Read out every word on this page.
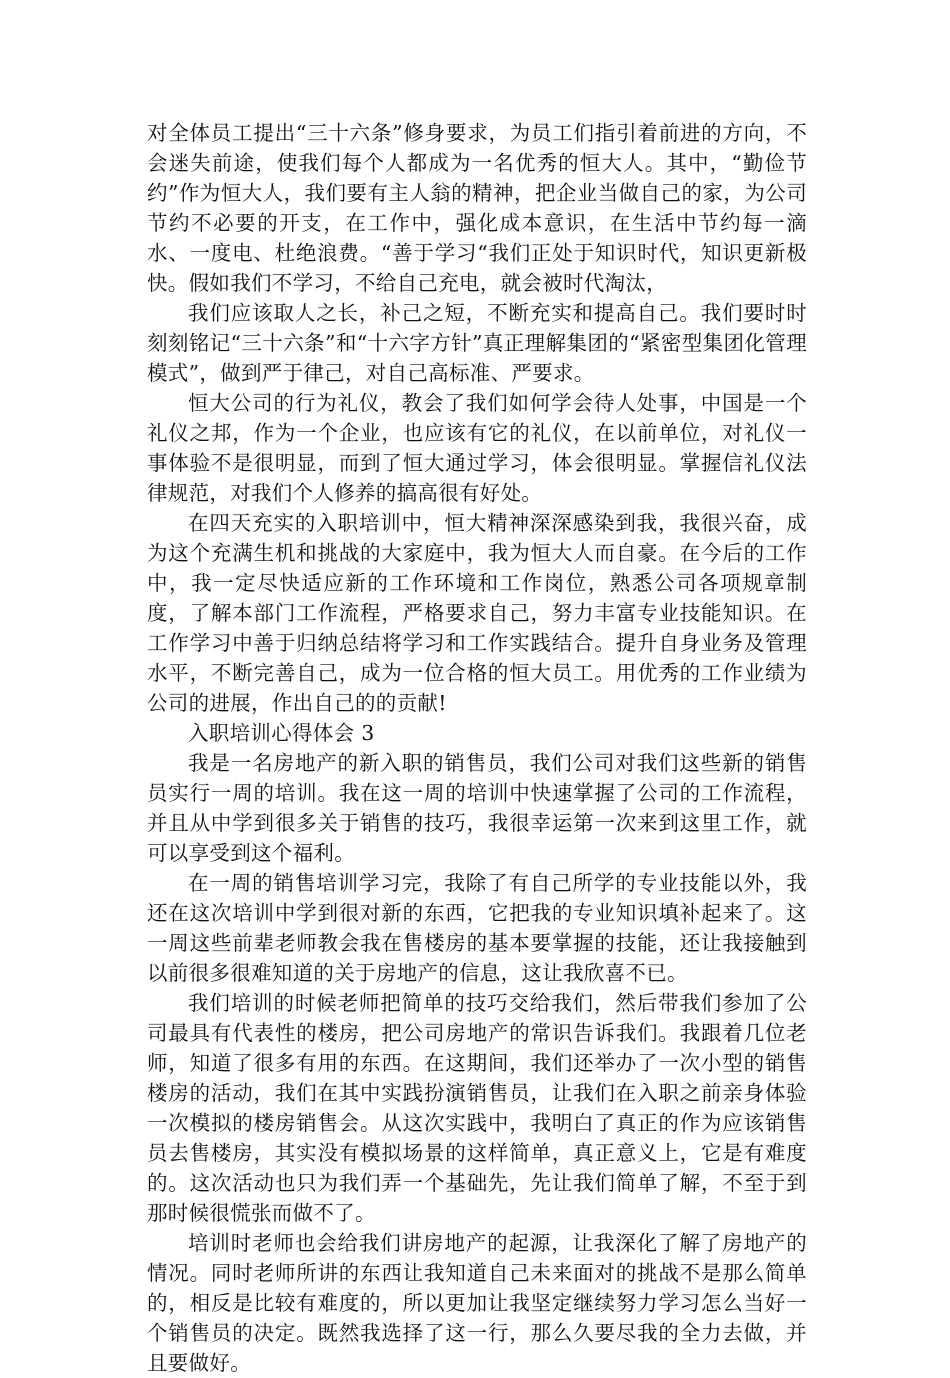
对全体员工提出“三十六条”修身要求，为员工们指引着前进的方向，不会迷失前途，使我们每个人都成为一名优秀的恒大人。其中，“勤俭节约”作为恒大人，我们要有主人翁的精神，把企业当做自己的家，为公司节约不必要的开支，在工作中，强化成本意识，在生活中节约每一滴水、一度电、杜绝浪费。“善于学习“我们正处于知识时代，知识更新极快。假如我们不学习，不给自己充电，就会被时代淘汰，

我们应该取人之长，补己之短，不断充实和提高自己。我们要时时刻刻铭记“三十六条”和“十六字方针”真正理解集团的“紧密型集团化管理模式”，做到严于律己，对自己高标准、严要求。

恒大公司的行为礼仪，教会了我们如何学会待人处事，中国是一个礼仪之邦，作为一个企业，也应该有它的礼仪，在以前单位，对礼仪一事体验不是很明显，而到了恒大通过学习，体会很明显。掌握信礼仪法律规范，对我们个人修养的搞高很有好处。

在四天充实的入职培训中，恒大精神深深感染到我，我很兴奋，成为这个充满生机和挑战的大家庭中，我为恒大人而自豪。在今后的工作中，我一定尽快适应新的工作环境和工作岗位，熟悉公司各项规章制度，了解本部门工作流程，严格要求自己，努力丰富专业技能知识。在工作学习中善于归纳总结将学习和工作实践结合。提升自身业务及管理水平，不断完善自己，成为一位合格的恒大员工。用优秀的工作业绩为公司的进展，作出自己的的贡献!

入职培训心得体会 3

我是一名房地产的新入职的销售员，我们公司对我们这些新的销售员实行一周的培训。我在这一周的培训中快速掌握了公司的工作流程，并且从中学到很多关于销售的技巧，我很幸运第一次来到这里工作，就可以享受到这个福利。

在一周的销售培训学习完，我除了有自己所学的专业技能以外，我还在这次培训中学到很对新的东西，它把我的专业知识填补起来了。这一周这些前辈老师教会我在售楼房的基本要掌握的技能，还让我接触到以前很多很难知道的关于房地产的信息，这让我欣喜不已。

我们培训的时候老师把简单的技巧交给我们，然后带我们参加了公司最具有代表性的楼房，把公司房地产的常识告诉我们。我跟着几位老师，知道了很多有用的东西。在这期间，我们还举办了一次小型的销售楼房的活动，我们在其中实践扮演销售员，让我们在入职之前亲身体验一次模拟的楼房销售会。从这次实践中，我明白了真正的作为应该销售员去售楼房，其实没有模拟场景的这样简单，真正意义上，它是有难度的。这次活动也只为我们弄一个基础先，先让我们简单了解，不至于到那时候很慌张而做不了。

培训时老师也会给我们讲房地产的起源，让我深化了解了房地产的情况。同时老师所讲的东西让我知道自己未来面对的挑战不是那么简单的，相反是比较有难度的，所以更加让我坚定继续努力学习怎么当好一个销售员的决定。既然我选择了这一行，那么久要尽我的全力去做，并且要做好。
